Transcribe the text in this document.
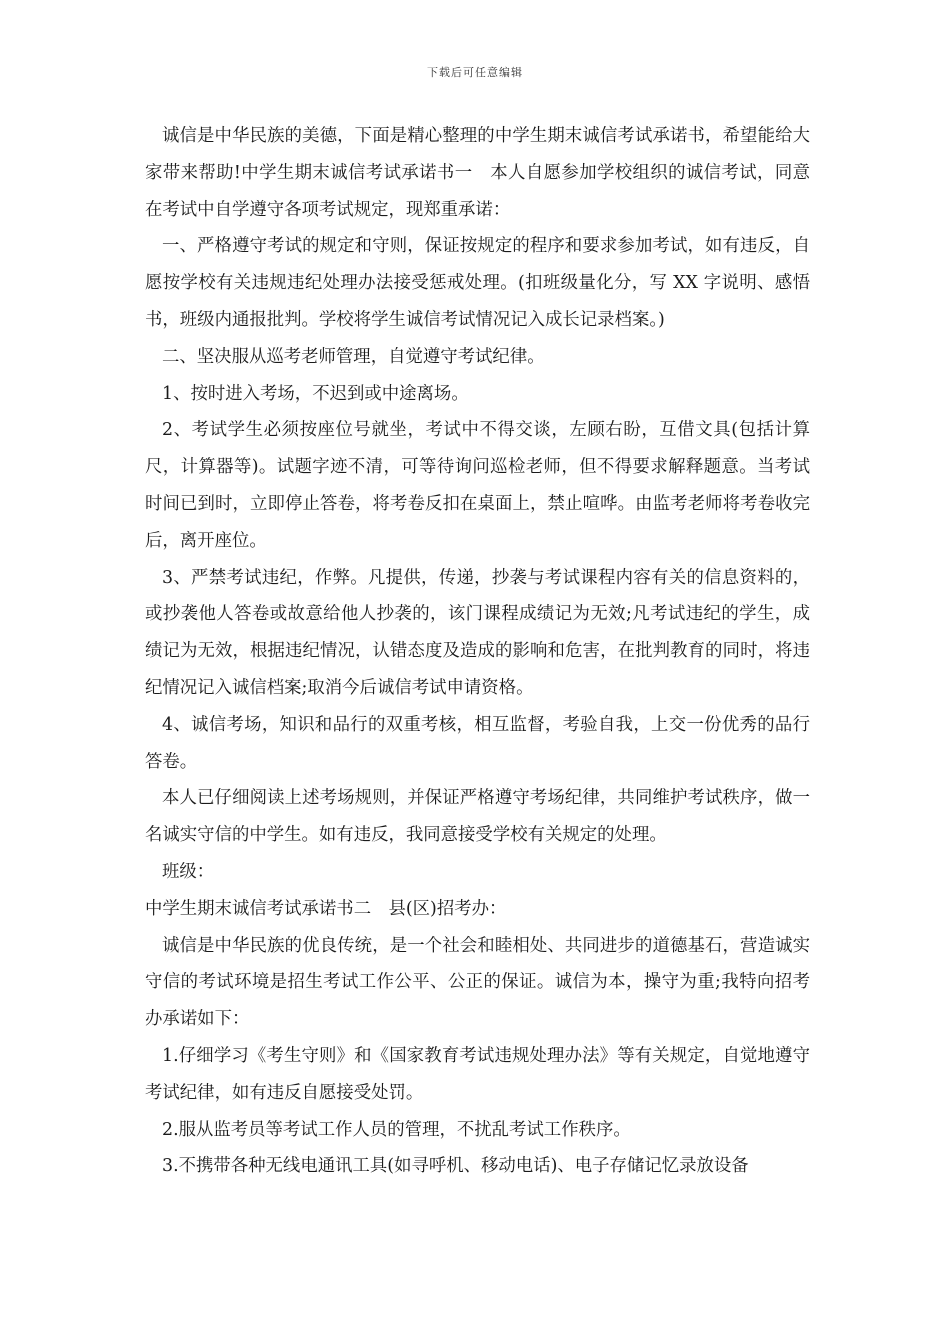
下载后可任意编辑

诚信是中华民族的美德，下面是精心整理的中学生期末诚信考试承诺书，希望能给大家带来帮助!中学生期末诚信考试承诺书一　本人自愿参加学校组织的诚信考试，同意在考试中自学遵守各项考试规定，现郑重承诺：

一、严格遵守考试的规定和守则，保证按规定的程序和要求参加考试，如有违反，自愿按学校有关违规违纪处理办法接受惩戒处理。(扣班级量化分，写 XX 字说明、感悟书，班级内通报批判。学校将学生诚信考试情况记入成长记录档案。)

二、坚决服从巡考老师管理，自觉遵守考试纪律。

1、按时进入考场，不迟到或中途离场。

2、考试学生必须按座位号就坐，考试中不得交谈，左顾右盼，互借文具(包括计算尺，计算器等)。试题字迹不清，可等待询问巡检老师，但不得要求解释题意。当考试时间已到时，立即停止答卷，将考卷反扣在桌面上，禁止喧哗。由监考老师将考卷收完后，离开座位。

3、严禁考试违纪，作弊。凡提供，传递，抄袭与考试课程内容有关的信息资料的，或抄袭他人答卷或故意给他人抄袭的，该门课程成绩记为无效;凡考试违纪的学生，成绩记为无效，根据违纪情况，认错态度及造成的影响和危害，在批判教育的同时，将违纪情况记入诚信档案;取消今后诚信考试申请资格。

4、诚信考场，知识和品行的双重考核，相互监督，考验自我，上交一份优秀的品行答卷。

本人已仔细阅读上述考场规则，并保证严格遵守考场纪律，共同维护考试秩序，做一名诚实守信的中学生。如有违反，我同意接受学校有关规定的处理。

班级：

中学生期末诚信考试承诺书二　县(区)招考办：

诚信是中华民族的优良传统，是一个社会和睦相处、共同进步的道德基石，营造诚实守信的考试环境是招生考试工作公平、公正的保证。诚信为本，操守为重;我特向招考办承诺如下：

1.仔细学习《考生守则》和《国家教育考试违规处理办法》等有关规定，自觉地遵守考试纪律，如有违反自愿接受处罚。

2.服从监考员等考试工作人员的管理，不扰乱考试工作秩序。

3.不携带各种无线电通讯工具(如寻呼机、移动电话)、电子存储记忆录放设备
